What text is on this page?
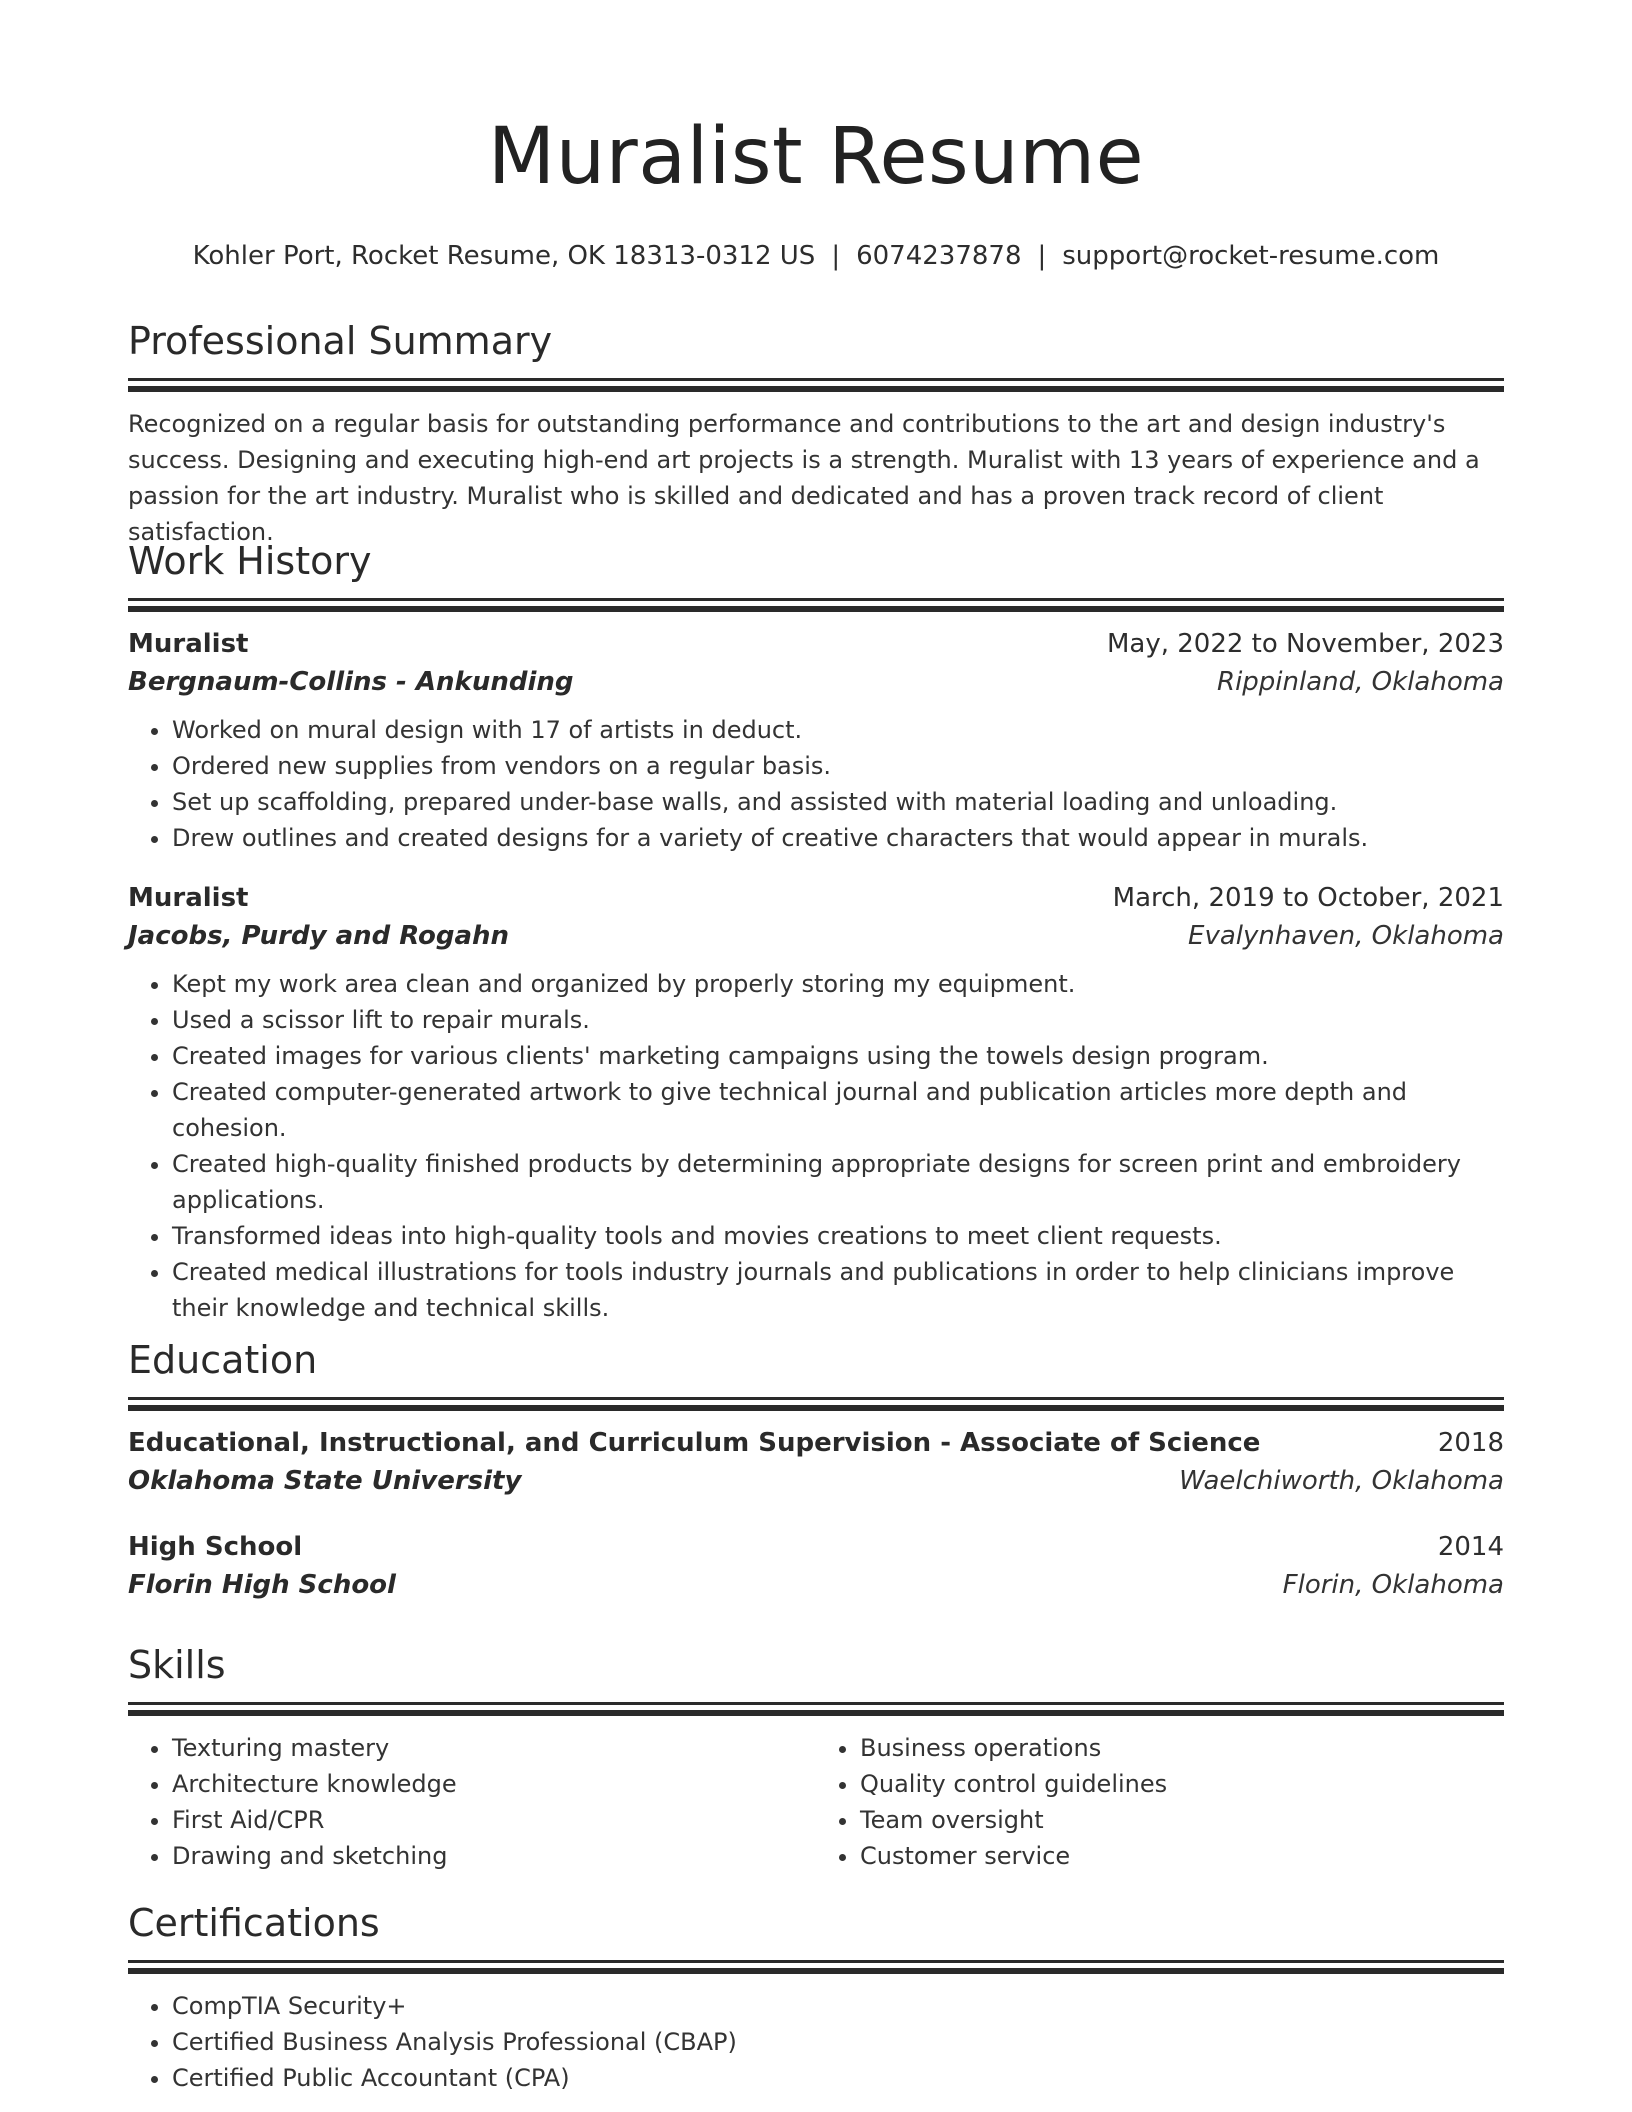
Muralist Resume
Kohler Port, Rocket Resume, OK 18313-0312 US | 6074237878 | support@rocket-resume.com
Professional Summary

Recognized on a regular basis for outstanding performance and contributions to the art and design industry's success. Designing and executing high-end art projects is a strength. Muralist with 13 years of experience and a passion for the art industry. Muralist who is skilled and dedicated and has a proven track record of client satisfaction.

Work History
Muralist	May, 2022 to November, 2023
Bergnaum-Collins - Ankunding	Rippinland, Oklahoma
• Worked on mural design with 17 of artists in deduct.
• Ordered new supplies from vendors on a regular basis.
• Set up scaffolding, prepared under-base walls, and assisted with material loading and unloading.
• Drew outlines and created designs for a variety of creative characters that would appear in murals.
Muralist	March, 2019 to October, 2021
Jacobs, Purdy and Rogahn	Evalynhaven, Oklahoma
• Kept my work area clean and organized by properly storing my equipment.
• Used a scissor lift to repair murals.
• Created images for various clients' marketing campaigns using the towels design program.
• Created computer-generated artwork to give technical journal and publication articles more depth and cohesion.
• Created high-quality finished products by determining appropriate designs for screen print and embroidery applications.
• Transformed ideas into high-quality tools and movies creations to meet client requests.
• Created medical illustrations for tools industry journals and publications in order to help clinicians improve their knowledge and technical skills.
Education
Educational, Instructional, and Curriculum Supervision - Associate of Science	2018
Oklahoma State University	Waelchiworth, Oklahoma
High School	2014
Florin High School	Florin, Oklahoma
Skills
• Texturing mastery
• Architecture knowledge
• First Aid/CPR
• Drawing and sketching
• Business operations
• Quality control guidelines
• Team oversight
• Customer service
Certifications
• CompTIA Security+
• Certified Business Analysis Professional (CBAP)
• Certified Public Accountant (CPA)
